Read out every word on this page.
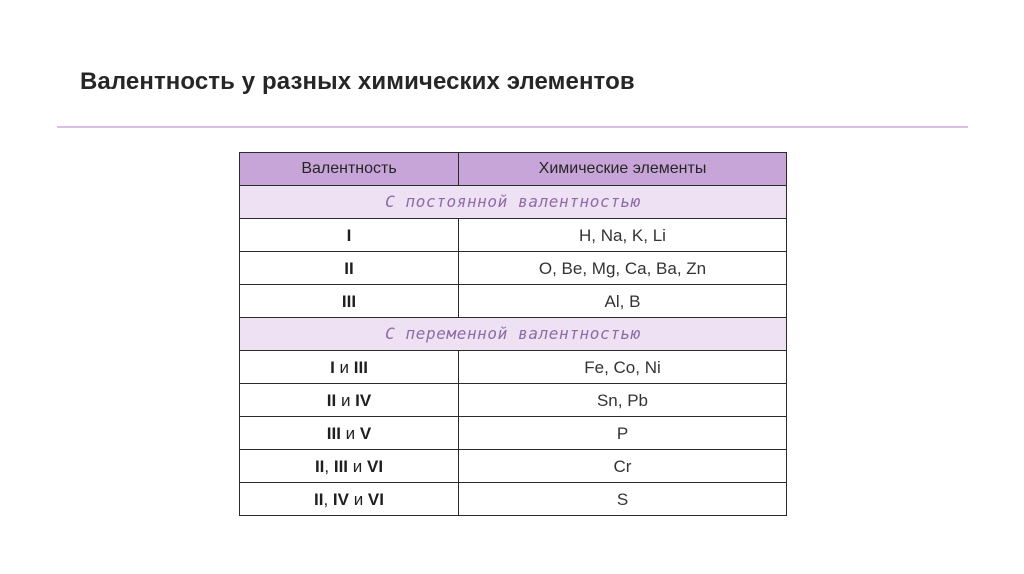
Валентность у разных химических элементов
Валентность	Химические элементы
С постоянной валентностью	
I	H, Na, K, Li
II	O, Be, Mg, Ca, Ba, Zn
III	Al, B
С переменной валентностью	
I и III	Fe, Co, Ni
II и IV	Sn, Pb
III и V	P
II, III и VI	Cr
II, IV и VI	S
